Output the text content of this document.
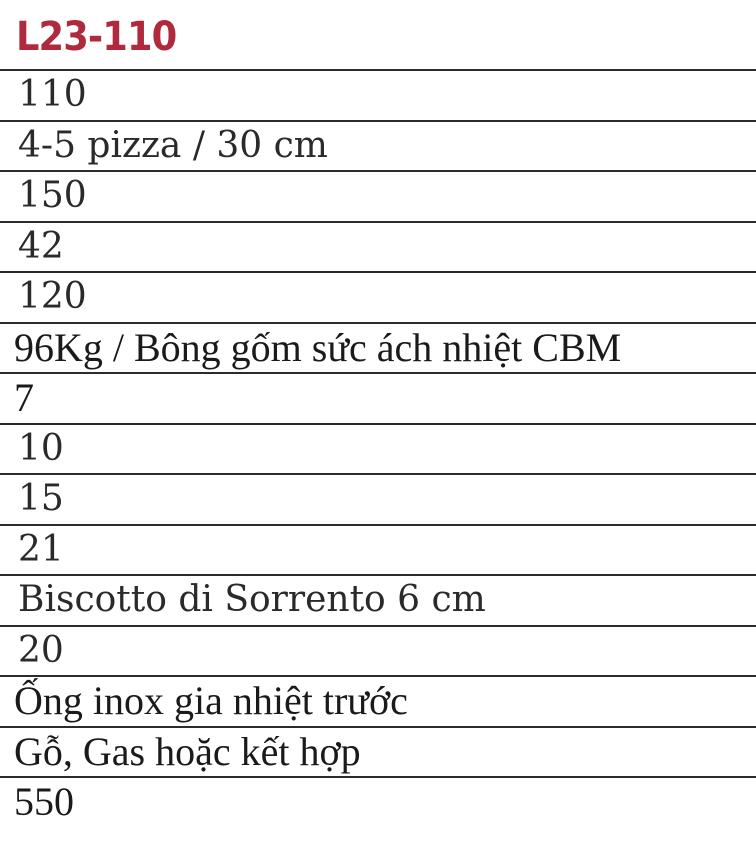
L23-110
110
4-5 pizza / 30 cm
150
42
120
96Kg / Bông gốm sức ách nhiệt CBM
7
10
15
21
Biscotto di Sorrento 6 cm
20
Ống inox gia nhiệt trước
Gỗ, Gas hoặc kết hợp
550
